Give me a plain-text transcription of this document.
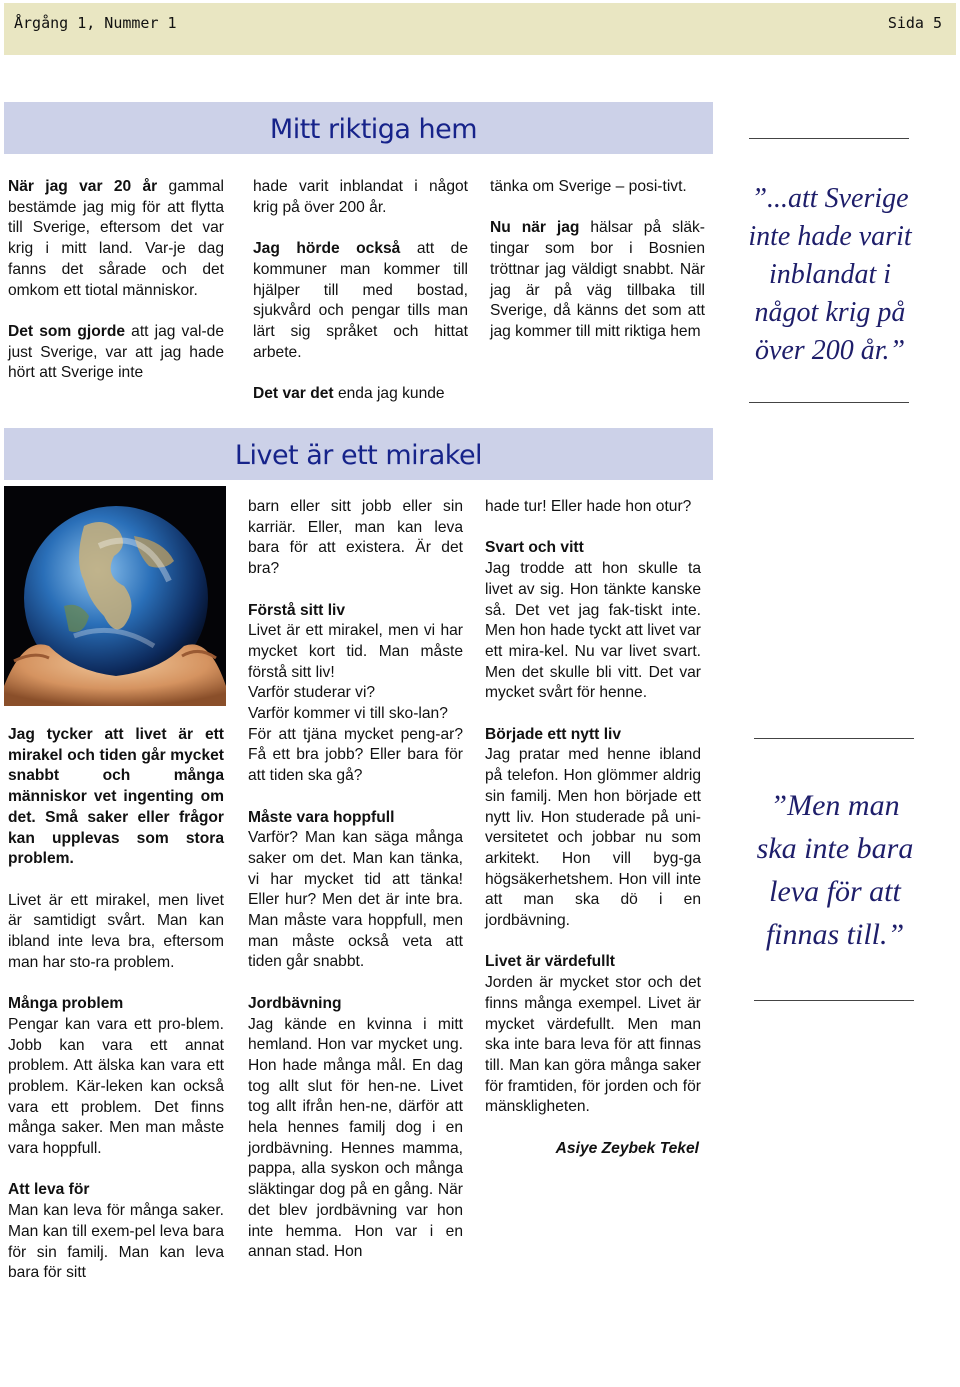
Årgång 1, Nummer 1	Sida 5
Mitt riktiga hem

När jag var 20 år gammal bestämde jag mig för att flytta till Sverige, eftersom det var krig i mitt land. Var-je dag fanns det sårade och det omkom ett tiotal människor.

Det som gjorde att jag val-de just Sverige, var att jag hade hört att Sverige inte

hade varit inblandat i något krig på över 200 år.

Jag hörde också att de kommuner man kommer till hjälper till med bostad, sjukvård och pengar tills man lärt sig språket och hittat arbete.

Det var det enda jag kunde

tänka om Sverige – posi-tivt.

Nu när jag hälsar på släk-tingar som bor i Bosnien tröttnar jag väldigt snabbt. När jag är på väg tillbaka till Sverige, då känns det som att jag kommer till mitt riktiga hem

”...att Sverige
inte hade varit
inblandat i
något krig på
över 200 år.”
Livet är ett mirakel

Jag tycker att livet är ett mirakel och tiden går mycket snabbt och många människor vet ingenting om det. Små saker eller frågor kan upplevas som stora problem.

Livet är ett mirakel, men livet är samtidigt svårt. Man kan ibland inte leva bra, eftersom man har sto-ra problem.

Många problem

Pengar kan vara ett pro-blem. Jobb kan vara ett annat problem. Att älska kan vara ett problem. Kär-leken kan också vara ett problem. Det finns många saker. Men man måste vara hoppfull.

Att leva för

Man kan leva för många saker. Man kan till exem-pel leva bara för sin familj. Man kan leva bara för sitt

barn eller sitt jobb eller sin karriär. Eller, man kan leva bara för att existera. Är det bra?

Förstå sitt liv
Livet är ett mirakel, men vi har mycket kort tid. Man måste förstå sitt liv!
Varför studerar vi?
Varför kommer vi till sko-lan?

För att tjäna mycket peng-ar? Få ett bra jobb? Eller bara för att tiden ska gå?

Måste vara hoppfull

Varför? Man kan säga många saker om det. Man kan tänka, vi har mycket tid att tänka! Eller hur? Men det är inte bra. Man måste vara hoppfull, men man måste också veta att tiden går snabbt.

Jordbävning

Jag kände en kvinna i mitt hemland. Hon var mycket ung. Hon hade många mål. En dag tog allt slut för hen-ne. Livet tog allt ifrån hen-ne, därför att hela hennes familj dog i en jordbävning. Hennes mamma, pappa, alla syskon och många släktingar dog på en gång. När det blev jordbävning var hon inte hemma. Hon var i en annan stad. Hon

hade tur! Eller hade hon otur?

Svart och vitt

Jag trodde att hon skulle ta livet av sig. Hon tänkte kanske så. Det vet jag fak-tiskt inte. Men hon hade tyckt att livet var ett mira-kel. Nu var livet svart. Men det skulle bli vitt. Det var mycket svårt för henne.

Började ett nytt liv

Jag pratar med henne ibland på telefon. Hon glömmer aldrig sin familj. Men hon började ett nytt liv. Hon studerade på uni-versitetet och jobbar nu som arkitekt. Hon vill byg-ga högsäkerhetshem. Hon vill inte att man ska dö i en jordbävning.

Livet är värdefullt

Jorden är mycket stor och det finns många exempel. Livet är mycket värdefullt. Men man ska inte bara leva för att finnas till. Man kan göra många saker för framtiden, för jorden och för mänskligheten.

Asiye Zeybek Tekel
”Men man
ska inte bara
leva för att
finnas till.”
